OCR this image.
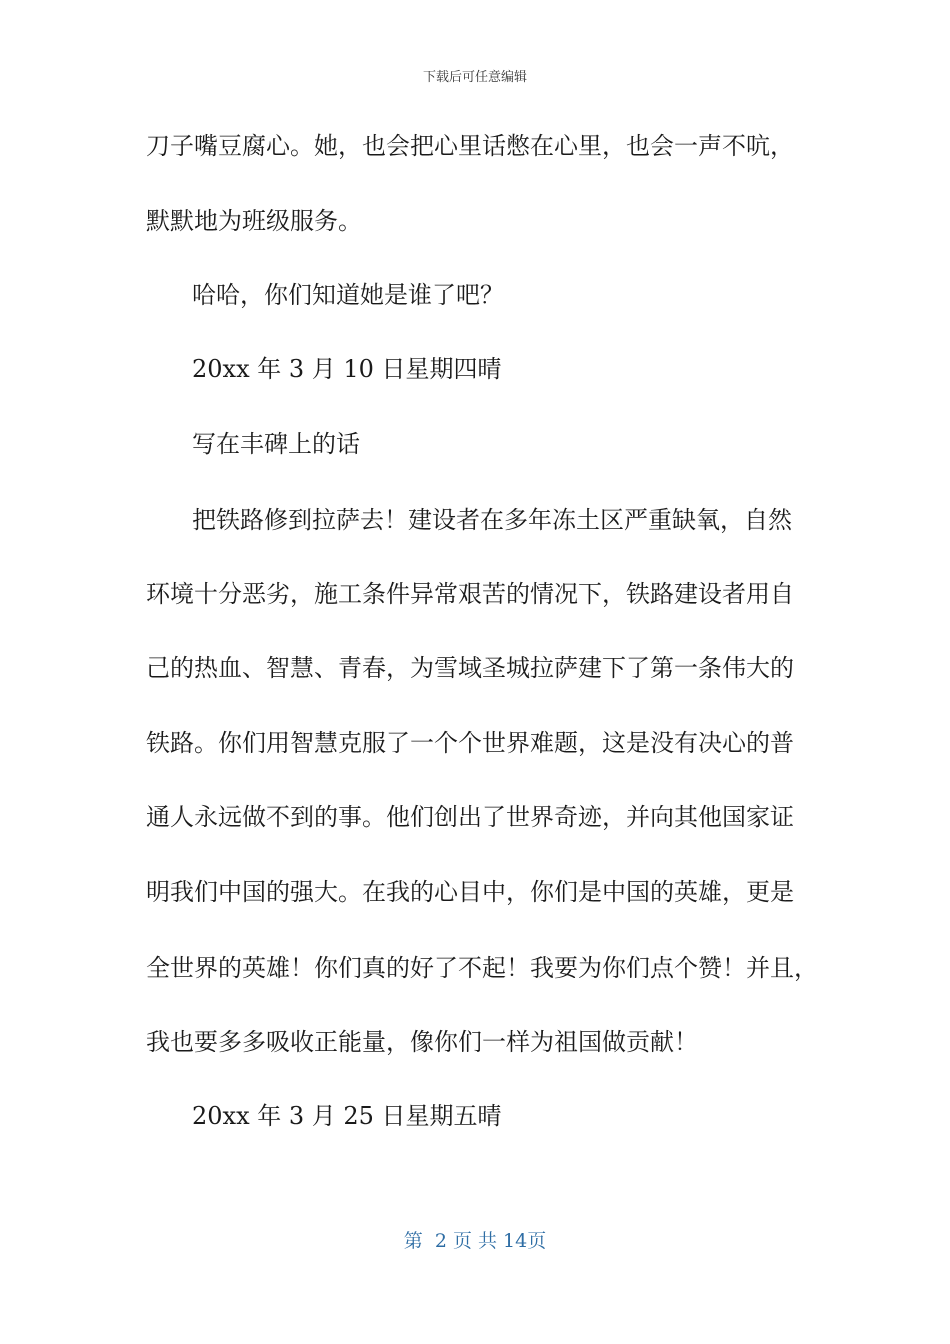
下载后可任意编辑
刀子嘴豆腐心。她，也会把心里话憋在心里，也会一声不吭，
默默地为班级服务。
哈哈，你们知道她是谁了吧？
20xx 年 3 月 10 日星期四晴
写在丰碑上的话
把铁路修到拉萨去！建设者在多年冻土区严重缺氧，自然
环境十分恶劣，施工条件异常艰苦的情况下，铁路建设者用自
己的热血、智慧、青春，为雪域圣城拉萨建下了第一条伟大的
铁路。你们用智慧克服了一个个世界难题，这是没有决心的普
通人永远做不到的事。他们创出了世界奇迹，并向其他国家证
明我们中国的强大。在我的心目中，你们是中国的英雄，更是
全世界的英雄！你们真的好了不起！我要为你们点个赞！并且，
我也要多多吸收正能量，像你们一样为祖国做贡献！
20xx 年 3 月 25 日星期五晴
第  2 页 共 14页
